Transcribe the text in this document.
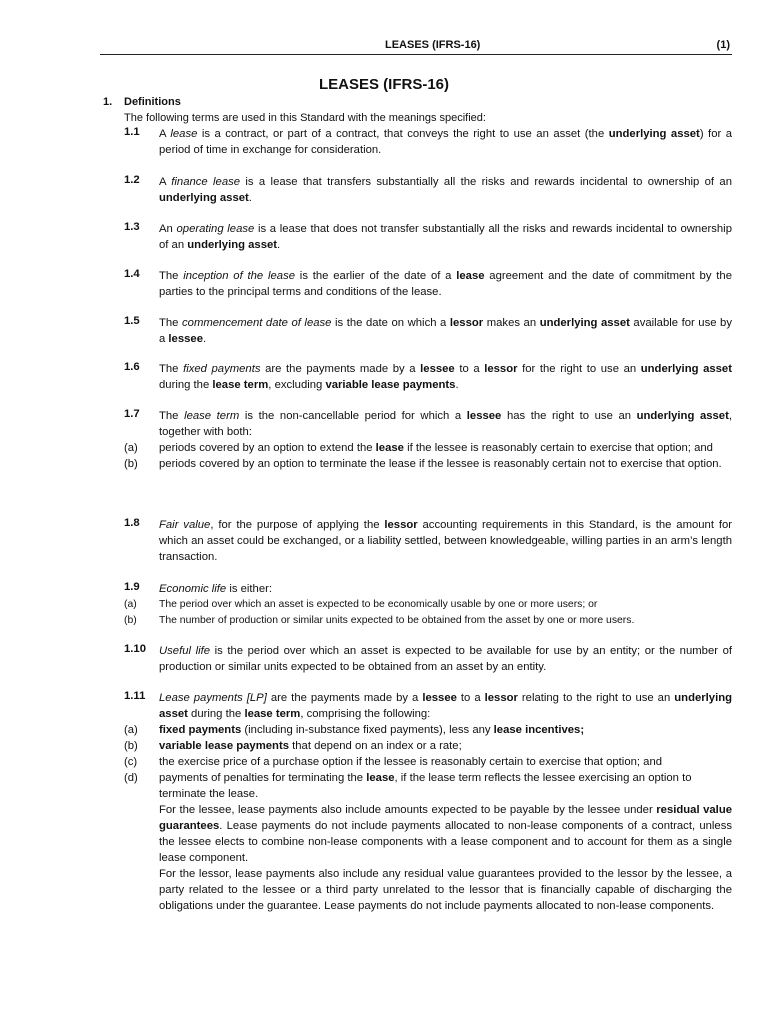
LEASES (IFRS-16)	(1)
LEASES (IFRS-16)
1. Definitions
The following terms are used in this Standard with the meanings specified:
1.1 A lease is a contract, or part of a contract, that conveys the right to use an asset (the underlying asset) for a period of time in exchange for consideration.
1.2 A finance lease is a lease that transfers substantially all the risks and rewards incidental to ownership of an underlying asset.
1.3 An operating lease is a lease that does not transfer substantially all the risks and rewards incidental to ownership of an underlying asset.
1.4 The inception of the lease is the earlier of the date of a lease agreement and the date of commitment by the parties to the principal terms and conditions of the lease.
1.5 The commencement date of lease is the date on which a lessor makes an underlying asset available for use by a lessee.
1.6 The fixed payments are the payments made by a lessee to a lessor for the right to use an underlying asset during the lease term, excluding variable lease payments.
1.7 The lease term is the non-cancellable period for which a lessee has the right to use an underlying asset, together with both:
(a) periods covered by an option to extend the lease if the lessee is reasonably certain to exercise that option; and
(b) periods covered by an option to terminate the lease if the lessee is reasonably certain not to exercise that option.
1.8 Fair value, for the purpose of applying the lessor accounting requirements in this Standard, is the amount for which an asset could be exchanged, or a liability settled, between knowledgeable, willing parties in an arm’s length transaction.
1.9 Economic life is either:
(a) The period over which an asset is expected to be economically usable by one or more users; or
(b) The number of production or similar units expected to be obtained from the asset by one or more users.
1.10 Useful life is the period over which an asset is expected to be available for use by an entity; or the number of production or similar units expected to be obtained from an asset by an entity.
1.11 Lease payments [LP] are the payments made by a lessee to a lessor relating to the right to use an underlying asset during the lease term, comprising the following:
(a) fixed payments (including in-substance fixed payments), less any lease incentives;
(b) variable lease payments that depend on an index or a rate;
(c) the exercise price of a purchase option if the lessee is reasonably certain to exercise that option; and
(d) payments of penalties for terminating the lease, if the lease term reflects the lessee exercising an option to terminate the lease.
For the lessee, lease payments also include amounts expected to be payable by the lessee under residual value guarantees. Lease payments do not include payments allocated to non-lease components of a contract, unless the lessee elects to combine non-lease components with a lease component and to account for them as a single lease component.
For the lessor, lease payments also include any residual value guarantees provided to the lessor by the lessee, a party related to the lessee or a third party unrelated to the lessor that is financially capable of discharging the obligations under the guarantee. Lease payments do not include payments allocated to non-lease components.
